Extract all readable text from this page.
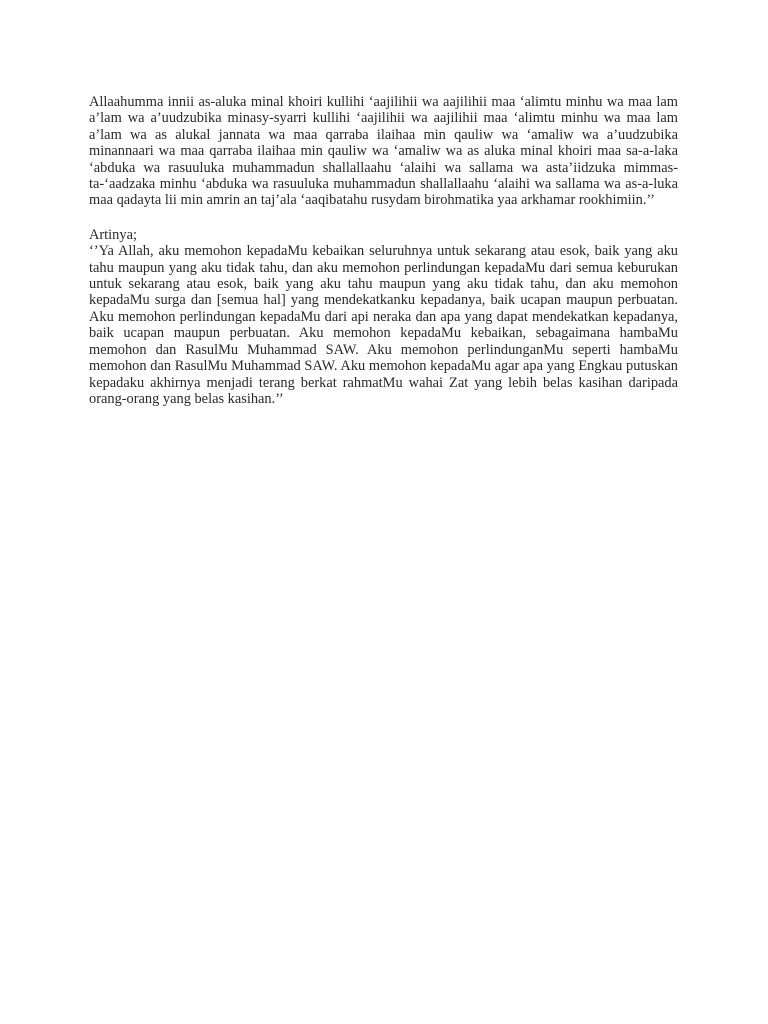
Allaahumma innii as-aluka minal khoiri kullihi ‘aajilihii wa aajilihii maa ‘alimtu minhu wa maa lam a’lam wa a’uudzubika minasy-syarri kullihi ‘aajilihii wa aajilihii maa ‘alimtu minhu wa maa lam a’lam wa as alukal jannata wa maa qarraba ilaihaa min qauliw wa ‘amaliw wa a’uudzubika minannaari wa maa qarraba ilaihaa min qauliw wa ‘amaliw wa as aluka minal khoiri maa sa-a-laka ‘abduka wa rasuuluka muhammadun shallallaahu ‘alaihi wa sallama wa asta’iidzuka mimmas-ta-‘aadzaka minhu ‘abduka wa rasuuluka muhammadun shallallaahu ‘alaihi wa sallama wa as-a-luka maa qadayta lii min amrin an taj’ala ‘aaqibatahu rusydam birohmatika yaa arkhamar rookhimiin.’’

Artinya;

‘’Ya Allah, aku memohon kepadaMu kebaikan seluruhnya untuk sekarang atau esok, baik yang aku tahu maupun yang aku tidak tahu, dan aku memohon perlindungan kepadaMu dari semua keburukan untuk sekarang atau esok, baik yang aku tahu maupun yang aku tidak tahu, dan aku memohon kepadaMu surga dan [semua hal] yang mendekatkanku kepadanya, baik ucapan maupun perbuatan. Aku memohon perlindungan kepadaMu dari api neraka dan apa yang dapat mendekatkan kepadanya, baik ucapan maupun perbuatan. Aku memohon kepadaMu kebaikan, sebagaimana hambaMu memohon dan RasulMu Muhammad SAW. Aku memohon perlindunganMu seperti hambaMu memohon dan RasulMu Muhammad SAW. Aku memohon kepadaMu agar apa yang Engkau putuskan kepadaku akhirnya menjadi terang berkat rahmatMu wahai Zat yang lebih belas kasihan daripada orang-orang yang belas kasihan.’’
